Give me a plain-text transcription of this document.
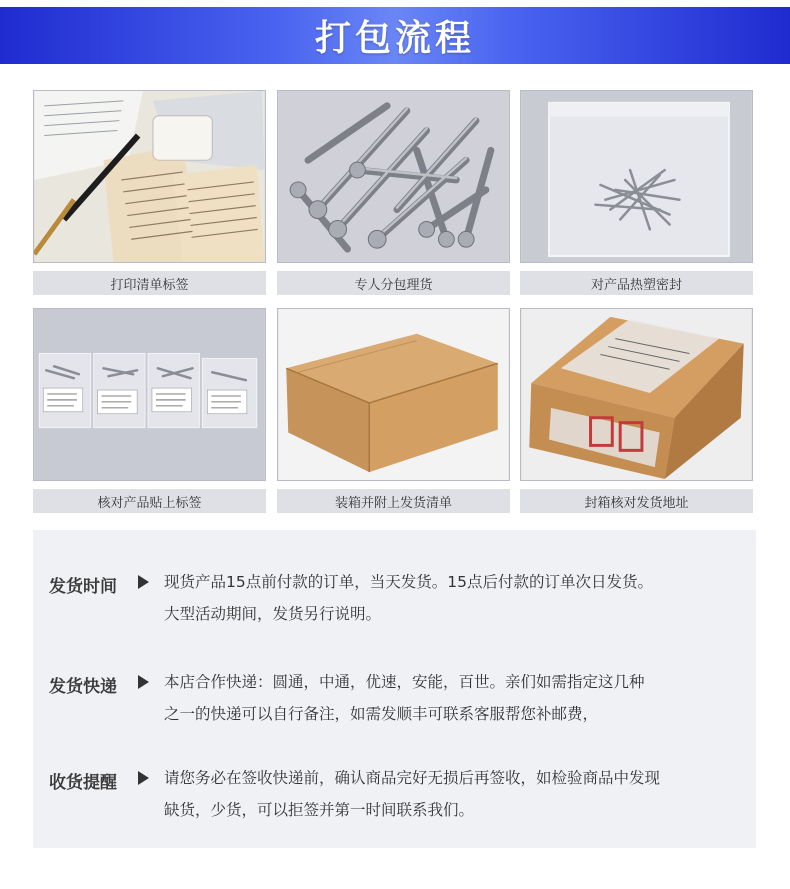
打包流程
打印清单标签	专人分包理货	对产品热塑密封
核对产品贴上标签	装箱并附上发货清单	封箱核对发货地址
发货时间	现货产品15点前付款的订单，当天发货。15点后付款的订单次日发货。
大型活动期间，发货另行说明。
发货快递	本店合作快递：圆通，中通，优速，安能，百世。亲们如需指定这几种
之一的快递可以自行备注，如需发顺丰可联系客服帮您补邮费，
收货提醒	请您务必在签收快递前，确认商品完好无损后再签收，如检验商品中发现
缺货，少货，可以拒签并第一时间联系我们。
